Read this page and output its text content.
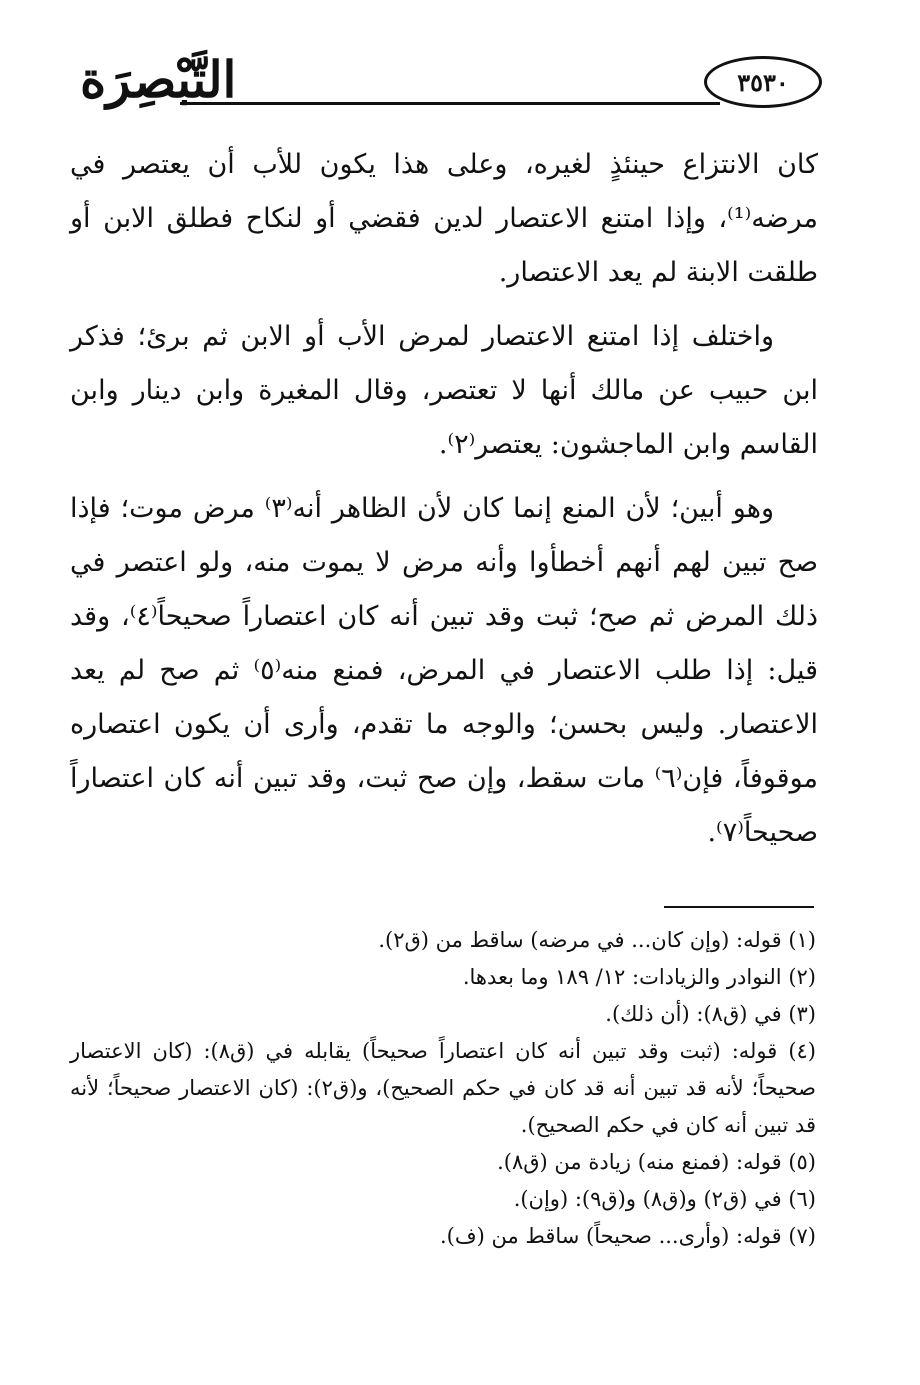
التَّبْصِرَة	٣٥٣٠

كان الانتزاع حينئذٍ لغيره، وعلى هذا يكون للأب أن يعتصر في مرضه⁽¹⁾، وإذا امتنع الاعتصار لدين فقضي أو لنكاح فطلق الابن أو طلقت الابنة لم يعد الاعتصار.

واختلف إذا امتنع الاعتصار لمرض الأب أو الابن ثم برئ؛ فذكر ابن حبيب عن مالك أنها لا تعتصر، وقال المغيرة وابن دينار وابن القاسم وابن الماجشون: يعتصر⁽٢⁾.

وهو أبين؛ لأن المنع إنما كان لأن الظاهر أنه⁽٣⁾ مرض موت؛ فإذا صح تبين لهم أنهم أخطأوا وأنه مرض لا يموت منه، ولو اعتصر في ذلك المرض ثم صح؛ ثبت وقد تبين أنه كان اعتصاراً صحيحاً⁽٤⁾، وقد قيل: إذا طلب الاعتصار في المرض، فمنع منه⁽٥⁾ ثم صح لم يعد الاعتصار. وليس بحسن؛ والوجه ما تقدم، وأرى أن يكون اعتصاره موقوفاً، فإن⁽٦⁾ مات سقط، وإن صح ثبت، وقد تبين أنه كان اعتصاراً صحيحاً⁽٧⁾.

(١) قوله: (وإن كان... في مرضه) ساقط من (ق٢).

(٢) النوادر والزيادات: ١٢/ ١٨٩ وما بعدها.

(٣) في (ق٨): (أن ذلك).

(٤) قوله: (ثبت وقد تبين أنه كان اعتصاراً صحيحاً) يقابله في (ق٨): (كان الاعتصار صحيحاً؛ لأنه قد تبين أنه قد كان في حكم الصحيح)، و(ق٢): (كان الاعتصار صحيحاً؛ لأنه قد تبين أنه كان في حكم الصحيح).

(٥) قوله: (فمنع منه) زيادة من (ق٨).

(٦) في (ق٢) و(ق٨) و(ق٩): (وإن).

(٧) قوله: (وأرى... صحيحاً) ساقط من (ف).
